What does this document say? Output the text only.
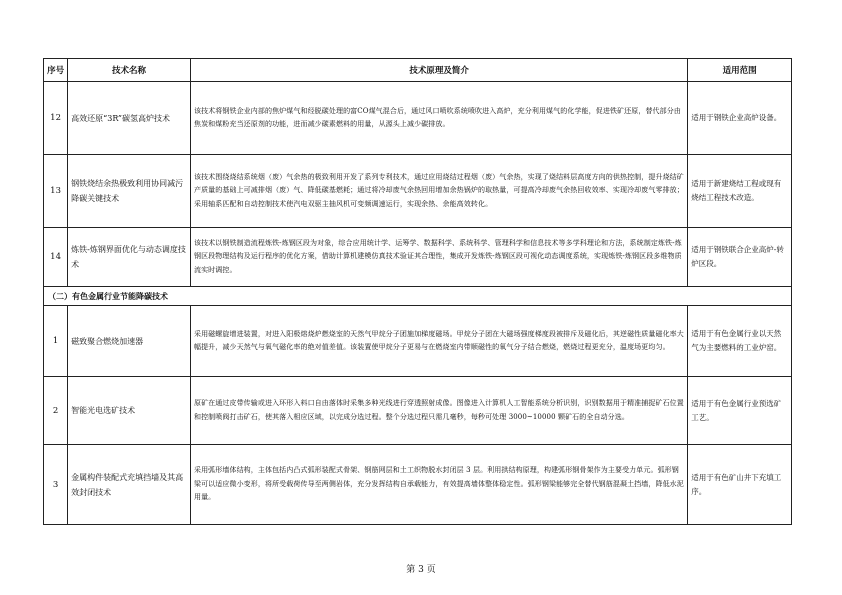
序号	技术名称	技术原理及简介	适用范围
12	高效还原“3R”碳氢高炉技术	该技术将钢铁企业内部的焦炉煤气和经脱碳处理的富CO煤气混合后，通过风口喷吹系统喷吹进入高炉，充分利用煤气的化学能，促进铁矿还原，替代部分由焦炭和煤粉充当还原剂的功能，进而减少碳素燃料的用量，从源头上减少碳排放。	适用于钢铁企业高炉设备。
13	钢铁烧结余热极致利用协同减污降碳关键技术	该技术围绕烧结系统烟（废）气余热的极致利用开发了系列专利技术，通过应用烧结过程烟（废）气余热，实现了烧结料层高度方向的供热控制，提升烧结矿产质量的基础上可减排烟（废）气、降低碳基燃耗；通过将冷却废气余热回用增加余热锅炉的取热量，可提高冷却废气余热回收效率、实现冷却废气零排放；采用轴系匹配和自动控制技术使汽电双驱主抽风机可变频调速运行，实现余热、余能高效转化。	适用于新建烧结工程或现有烧结工程技术改造。
14	炼铁-炼钢界面优化与动态调度技术	该技术以钢铁制造流程炼铁-炼钢区段为对象，综合应用统计学、运筹学、数据科学、系统科学、管理科学和信息技术等多学科理论和方法，系统制定炼铁-炼钢区段物理结构及运行程序的优化方案，借助计算机建模仿真技术验证其合理性，集成开发炼铁-炼钢区段可视化动态调度系统，实现炼铁-炼钢区段多维物质流实时调控。	适用于钢铁联合企业高炉-转炉区段。
（二）有色金属行业节能降碳技术			
1	磁致聚合燃烧加速器	采用磁螺旋增进装置，对进入阳极熔烧炉燃烧室的天然气甲烷分子团施加梯度磁场。甲烷分子团在大磁场强度梯度段被排斥及磁化后，其逆磁性质量磁化率大幅提升，减少天然气与氧气磁化率的绝对值差值。该装置使甲烷分子更易与在燃烧室内带顺磁性的氧气分子结合燃烧，燃烧过程更充分，温度场更均匀。	适用于有色金属行业以天然气为主要燃料的工业炉窑。
2	智能光电选矿技术	原矿在通过皮带传输或进入环形入料口自由落体时采集多种光线进行穿透照射成像。图像进入计算机人工智能系统分析识别，识别数据用于精准捕捉矿石位置和控制喷阀打击矿石，使其落入相应区域，以完成分选过程。整个分选过程只需几毫秒，每秒可处理 3000~10000 颗矿石的全自动分选。	适用于有色金属行业预选矿工艺。
3	金属构件装配式充填挡墙及其高效封闭技术	采用弧形墙体结构，主体包括内凸式弧形装配式骨架、钢筋网层和土工织物脱水封闭层 3 层。利用拱结构原理，构建弧形钢骨架作为主要受力单元。弧形钢梁可以适应微小变形，将所受载荷传导至两侧岩体，充分发挥结构自承载能力，有效提高墙体整体稳定性。弧形钢梁能够完全替代钢筋混凝土挡墙，降低水泥用量。	适用于有色矿山井下充填工序。
第 3 页
